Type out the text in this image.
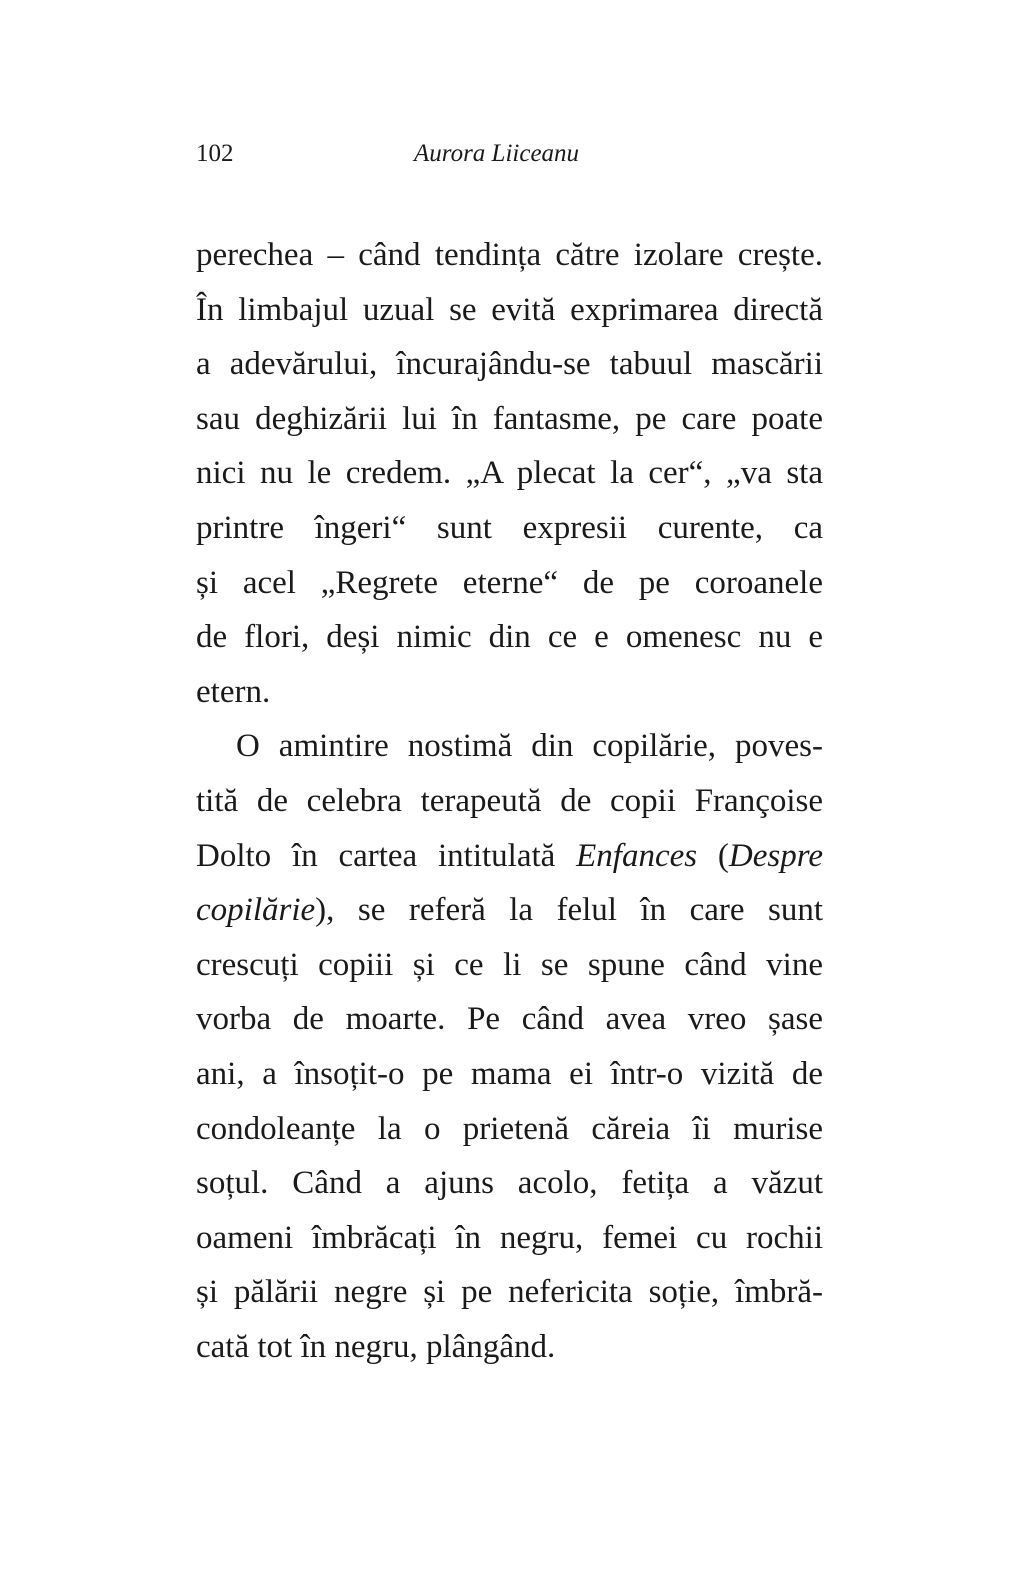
102	Aurora Liiceanu
perechea – când tendința către izolare crește.
În limbajul uzual se evită exprimarea directă
a adevărului, încurajându-se tabuul mascării
sau deghizării lui în fantasme, pe care poate
nici nu le credem. „A plecat la cer“, „va sta
printre îngeri“ sunt expresii curente, ca
și acel „Regrete eterne“ de pe coroanele
de flori, deși nimic din ce e omenesc nu e
etern.
O amintire nostimă din copilărie, poves-
tită de celebra terapeută de copii Françoise
Dolto în cartea intitulată Enfances (Despre
copilărie), se referă la felul în care sunt
crescuți copiii și ce li se spune când vine
vorba de moarte. Pe când avea vreo șase
ani, a însoțit-o pe mama ei într-o vizită de
condoleanțe la o prietenă căreia îi murise
soțul. Când a ajuns acolo, fetița a văzut
oameni îmbrăcați în negru, femei cu rochii
și pălării negre și pe nefericita soție, îmbră-
cată tot în negru, plângând.
